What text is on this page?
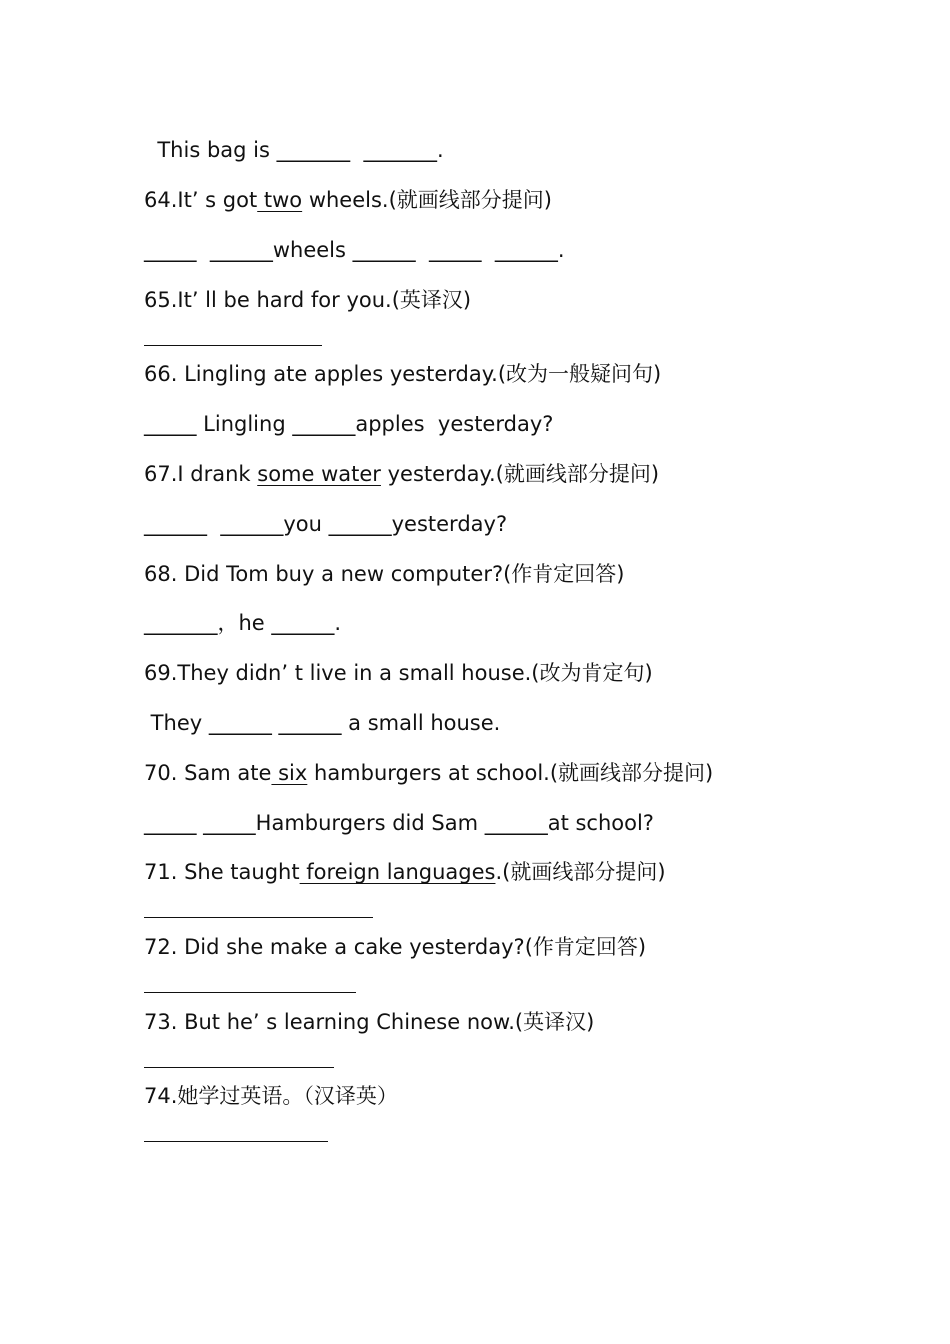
This bag is _______  _______.
64.It’ s got two wheels.(就画线部分提问)
_____  ______wheels ______  _____  ______.
65.It’ ll be hard for you.(英译汉)
66. Lingling ate apples yesterday.(改为一般疑问句)
_____ Lingling ______apples  yesterday?
67.I drank some water yesterday.(就画线部分提问)
______  ______you ______yesterday?
68. Did Tom buy a new computer?(作肯定回答)
_______，he ______.
69.They didn’ t live in a small house.(改为肯定句)
They ______ ______ a small house.
70. Sam ate six hamburgers at school.(就画线部分提问)
_____ _____Hamburgers did Sam ______at school?
71. She taught foreign languages.(就画线部分提问)
72. Did she make a cake yesterday?(作肯定回答)
73. But he’ s learning Chinese now.(英译汉)
74.她学过英语。（汉译英）
